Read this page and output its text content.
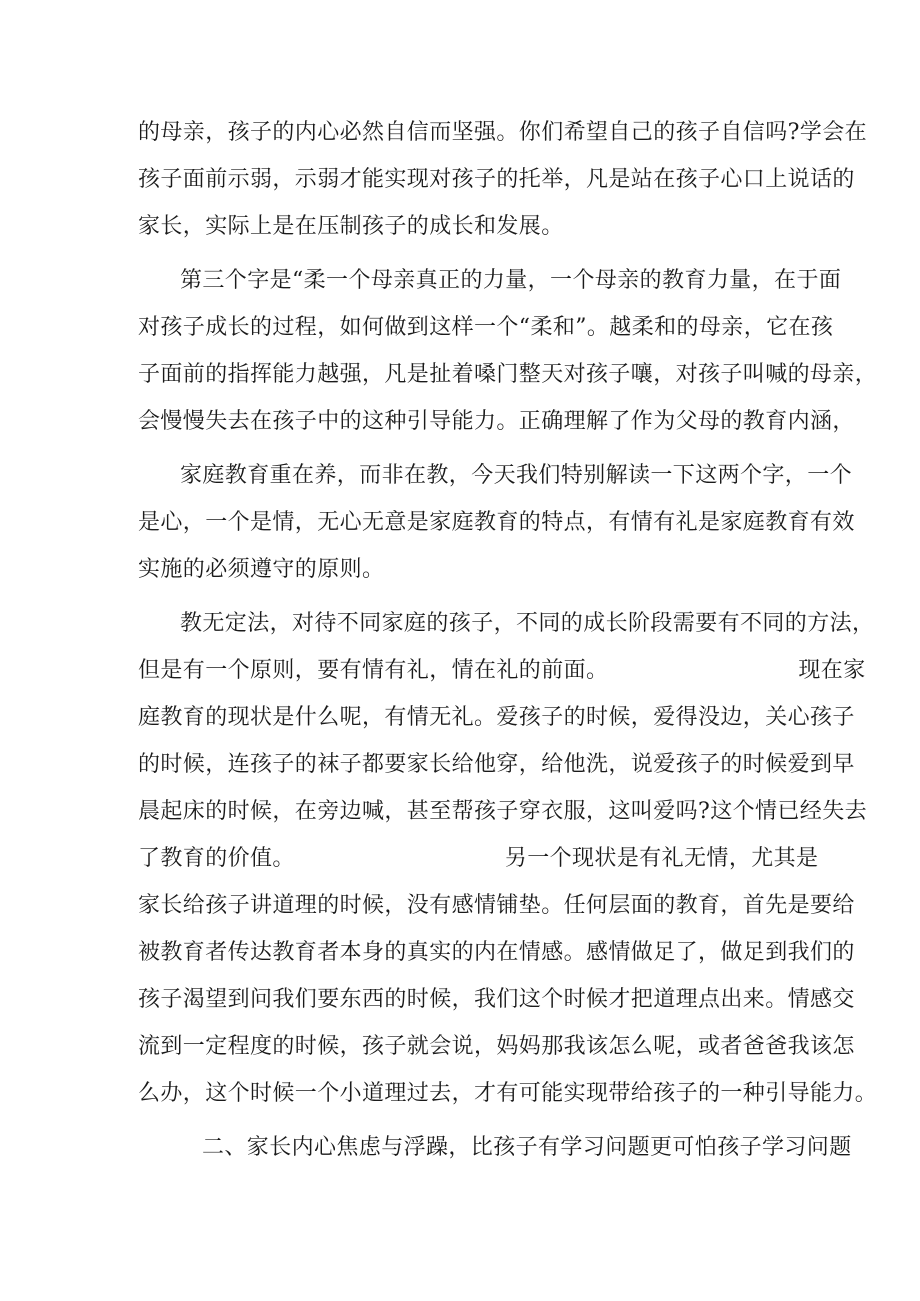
的母亲，孩子的内心必然自信而坚强。你们希望自己的孩子自信吗?学会在
孩子面前示弱，示弱才能实现对孩子的托举，凡是站在孩子心口上说话的
家长，实际上是在压制孩子的成长和发展。
第三个字是“柔一个母亲真正的力量，一个母亲的教育力量，在于面
对孩子成长的过程，如何做到这样一个“柔和”。越柔和的母亲，它在孩
子面前的指挥能力越强，凡是扯着嗓门整天对孩子嚷，对孩子叫喊的母亲，
会慢慢失去在孩子中的这种引导能力。正确理解了作为父母的教育内涵，
家庭教育重在养，而非在教，今天我们特别解读一下这两个字，一个
是心，一个是情，无心无意是家庭教育的特点，有情有礼是家庭教育有效
实施的必须遵守的原则。
教无定法，对待不同家庭的孩子，不同的成长阶段需要有不同的方法，
但是有一个原则，要有情有礼，情在礼的前面。	现在家
庭教育的现状是什么呢，有情无礼。爱孩子的时候，爱得没边，关心孩子
的时候，连孩子的袜子都要家长给他穿，给他洗，说爱孩子的时候爱到早
晨起床的时候，在旁边喊，甚至帮孩子穿衣服，这叫爱吗?这个情已经失去
了教育的价值。	另一个现状是有礼无情，尤其是
家长给孩子讲道理的时候，没有感情铺垫。任何层面的教育，首先是要给
被教育者传达教育者本身的真实的内在情感。感情做足了，做足到我们的
孩子渴望到问我们要东西的时候，我们这个时候才把道理点出来。情感交
流到一定程度的时候，孩子就会说，妈妈那我该怎么呢，或者爸爸我该怎
么办，这个时候一个小道理过去，才有可能实现带给孩子的一种引导能力。
二、家长内心焦虑与浮躁，比孩子有学习问题更可怕孩子学习问题
